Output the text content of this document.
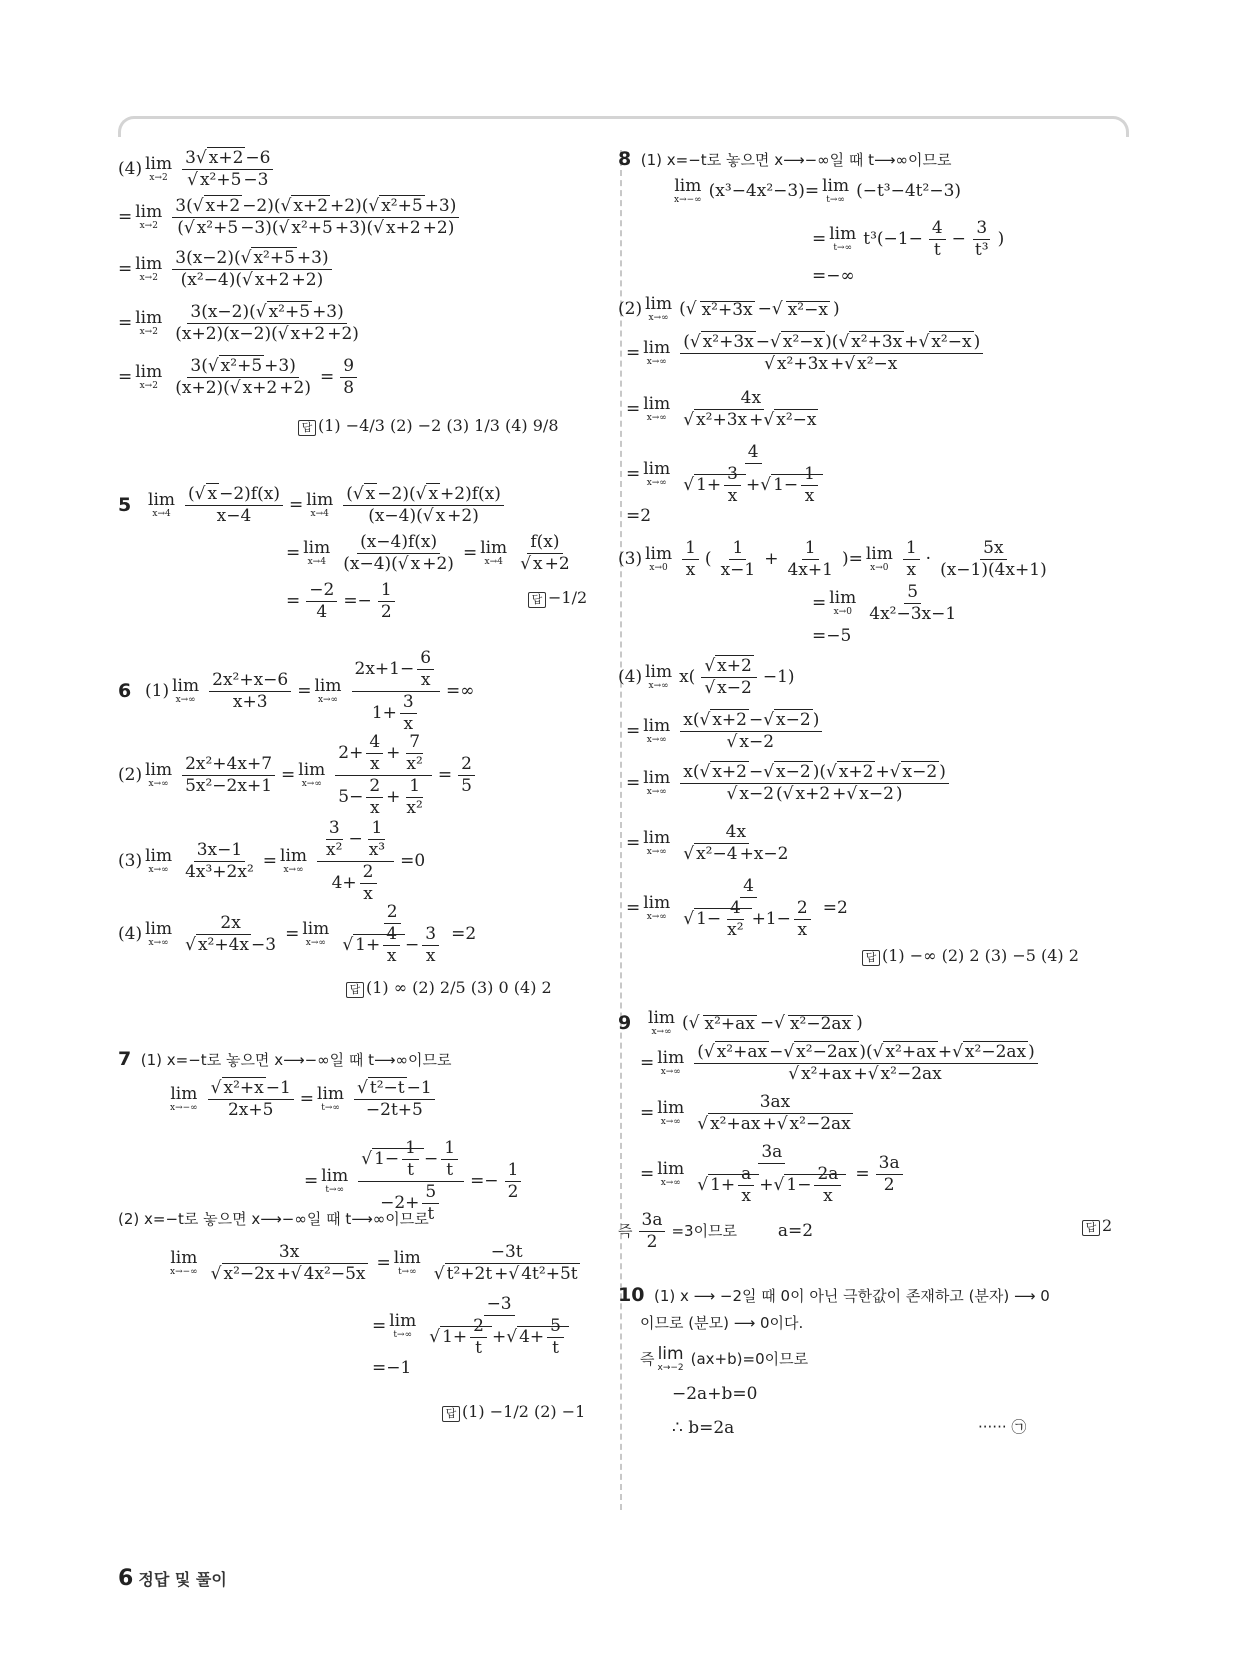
(4) lim
x→2 3√ x+2 −6
√ x²+5 −3
= lim
$x\to 2 \frac{\text{3(√ x+2 −2)(√ x+2 +2)(√ x²+5 +3)}}{\text{(√ x²+5 −3)(√ x²+5 +3)(√ x+2 +2)}}$
= lim
$x\to 2 \frac{\text{3(x−2)(√ x²+5 +3)}}{\text{(x²−4)(√ x+2 +2)}}$
= lim
$x\to 2 \frac{\text{3(x−2)(√ x²+5 +3)}}{(x+2)(x-2)(√ x+2 +2)}$
= lim
$x\to 2 \frac{\text{3(√ x²+5 +3)}}{(x+2)(√ x+2 +2)} = \frac{9}{8}$
답 (1) −4/3 (2) −2 (3) 1/3 (4) 9/8
5
lim
$x\to 4 \frac{(√ x -2)f(x)}{x-4} = \lim$
$x\to 4 \frac{(√ x -2)(√ x +2)f(x)}{(x-4)(√ x +2)}$
= lim
$x\to 4 \frac{(x-4)f(x)}{(x-4)(√ x +2)} = \lim$
$x\to 4 \frac{f(x)}{√ x +2}$
= $\frac{-2}{4} =- \frac{1}{2}$	답 −1/2
6 (1) lim
$x\to\infty \frac{\text{2x²+x−6}}{x+3} = \lim$
$x\to\infty \frac{2x+1- \frac{6}{x}}{1+ \frac{3}{x}}$ =∞
(2) lim
$x\to\infty \frac{\text{2x²+4x+7}}{\text{5x²−2x+1}} = \lim$
$x\to\infty \frac{2+ \frac{4}{x} + \frac{7}{\text{x²}}}{5- \frac{2}{x} + \frac{1}{\text{x²}}} = \frac{2}{5}$
(3) lim
$x\to\infty \frac{3x-1}{\text{4x³+2x²}} = \lim$
$x\to\infty \frac{\frac{3}{\text{x²}} - \frac{1}{\text{x³}}}{4+ \frac{2}{x}} =0$
(4) lim
$x\to\infty \frac{2x}{\text{√ x²+4x −3}} = \lim$
$x\to\infty \frac{2}{√ 1+ \frac{4}{x} - \frac{3}{x}} =2$
답 (1) ∞ (2) 2/5 (3) 0 (4) 2
7 (1) x=−t로 놓으면 x⟶−∞일 때 t⟶∞이므로
lim
$x\to-\infty \frac{\text{√ x²+x −1}}{2x+5} = \lim$
$t\to\infty \frac{\text{√ t²−t −1}}{-2t+5}$
= lim
$t\to\infty \frac{√ 1- \frac{1}{t} - \frac{1}{t}}{-2+ \frac{5}{t}} =- \frac{1}{2}$
(2) x=−t로 놓으면 x⟶−∞일 때 t⟶∞이므로
lim
$x\to-\infty \frac{3x}{\text{√ x²−2x +√ 4x²−5x}} = \lim$
$t\to\infty \frac{-3t}{\text{√ t²+2t +√ 4t²+5t}}$
= lim
$t\to\infty \frac{-3}{√ 1+ \frac{2}{t} +√ 4+ \frac{5}{t}}$
=−1
답 (1) −1/2 (2) −1
8 (1) x=−t로 놓으면 x⟶−∞일 때 t⟶∞이므로
lim
x→−∞ (x³−4x²−3)= lim
t→∞ (−t³−4t²−3)
= lim
t→∞ $t^3(-1- \frac{4}{t} - \frac{3}{\text{t³}}$ )
=−∞
(2) lim
x→∞ (√ x²+3x −√ x²−x )
= lim
$x\to\infty \frac{\text{(√ x²+3x −√ x²−x )(√ x²+3x +√ x²−x )}}{\text{√ x²+3x +√ x²−x}}$
= lim
$x\to\infty \frac{4x}{\text{√ x²+3x +√ x²−x}}$
= lim
$x\to\infty \frac{4}{√ 1+ \frac{3}{x} +√ 1- \frac{1}{x}}$
=2
(3) lim
$x\to 0 \frac{1}{x}$ ( $\frac{1}{x-1} + \frac{1}{4x+1}$ )= lim
$x\to 0 \frac{1}{x} \cdot \frac{5x}{(x-1)(4x+1)}$
= lim
$x\to 0 \frac{5}{\text{4x²−3x−1}}$
=−5
(4) lim
x→∞ $x( \frac{√ x+2}{√ x-2} -1)$
= lim
$x\to\infty \frac{x(√ x+2 -√ x-2 )}{√ x-2}$
= lim
$x\to\infty \frac{x(√ x+2 -√ x-2 )(√ x+2 +√ x-2 )}{√ x-2 (√ x+2 +√ x-2 )}$
= lim
$x\to\infty \frac{4x}{\text{√ x²−4 +x−2}}$
= lim
$x\to\infty \frac{4}{√ 1- \frac{4}{\text{x²}} +1- \frac{2}{x}} =2$
답 (1) −∞ (2) 2 (3) −5 (4) 2
9
lim
x→∞ (√ x²+ax −√ x²−2ax )
= lim
$x\to\infty \frac{\text{(√ x²+ax −√ x²−2ax )(√ x²+ax +√ x²−2ax )}}{\text{√ x²+ax +√ x²−2ax}}$
= lim
$x\to\infty \frac{3ax}{\text{√ x²+ax +√ x²−2ax}}$
= lim
$x\to\infty \frac{3a}{√ 1+ \frac{a}{x} +√ 1- \frac{2a}{x}} = \frac{3a}{2}$
즉 $\frac{3a}{2} =3$이므로 a=2	답 2
10 (1) x ⟶ −2일 때 0이 아닌 극한값이 존재하고 (분자) ⟶ 0
이므로 (분모) ⟶ 0이다.
즉 lim
x→−2 (ax+b)=0이므로
−2a+b=0
∴ b=2a	······ ㉠
6 정답 및 풀이
